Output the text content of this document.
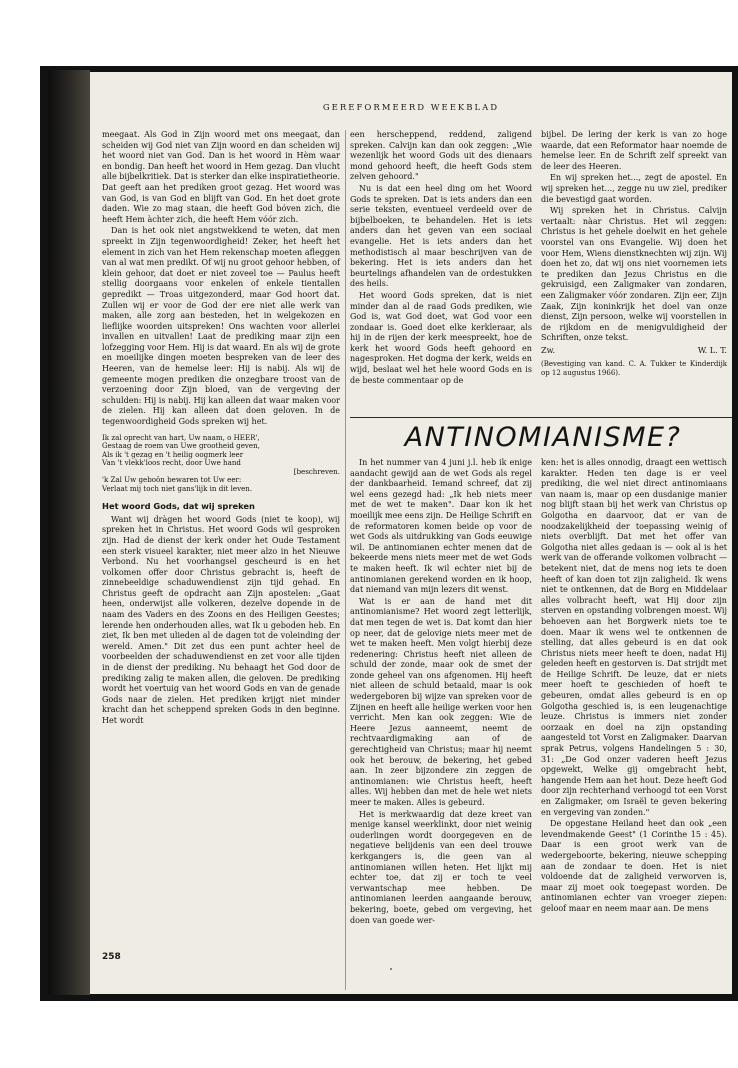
GEREFORMEERD WEEKBLAD

meegaat. Als God in Zijn woord met ons meegaat, dan scheiden wij God niet van Zijn woord en dan scheiden wij het woord niet van God. Dan is het woord in Hèm waar en bondig. Dan heeft het woord in Hem gezag. Dan vlucht alle bijbelkritiek. Dat is sterker dan elke inspiratietheorie. Dat geeft aan het prediken groot gezag. Het woord was van God, is van God en blijft van God. En het doet grote daden. Wie zo mag staan, die heeft God bóven zich, die heeft Hem àchter zich, die heeft Hem vóór zich.

Dan is het ook niet angstwekkend te weten, dat men spreekt in Zijn tegenwoordigheid! Zeker, het heeft het element in zich van het Hem rekenschap moeten afleggen van al wat men predikt. Of wij nu groot gehoor hebben, of klein gehoor, dat doet er niet zoveel toe — Paulus heeft stellig doorgaans voor enkelen of enkele tientallen gepredikt — Troas uitgezonderd, maar God hoort dat. Zullen wij er voor de God der ere niet alle werk van maken, alle zorg aan besteden, het in welgekozen en lieflijke woorden uitspreken! Ons wachten voor allerlei invallen en uitvallen! Laat de prediking maar zijn een lofzegging voor Hem. Hij is dat waard. En als wij de grote en moeilijke dingen moeten bespreken van de leer des Heeren, van de hemelse leer: Hij is nabij. Als wij de gemeente mogen prediken die onzegbare troost van de verzoening door Zijn bloed, van de vergeving der schulden: Hij is nabij. Hij kan alleen dat waar maken voor de zielen. Hij kan alleen dat doen geloven. In de tegenwoordigheid Gods spreken wij het.

Ik zal oprecht van hart, Uw naam, o HEER',
Gestaag de roem van Uwe grootheid geven,
Als ik 't gezag en 't heilig oogmerk leer
Van 't vlekk'loos recht, door Uwe hand
[beschreven.
'k Zal Uw geboôn bewaren tot Uw eer:
Verlaat mij toch niet gans'lijk in dit leven.
Het woord Gods, dat wij spreken

Want wij dràgen het woord Gods (niet te koop), wij spreken het in Christus. Het woord Gods wil gesproken zijn. Had de dienst der kerk onder het Oude Testament een sterk visueel karakter, niet meer alzo in het Nieuwe Verbond. Nu het voorhangsel gescheurd is en het volkomen offer door Christus gebracht is, heeft de zinnebeeldige schaduwendienst zijn tijd gehad. En Christus geeft de opdracht aan Zijn apostelen: „Gaat heen, onderwijst alle volkeren, dezelve dopende in de naam des Vaders en des Zoons en des Heiligen Geestes; lerende hen onderhouden alles, wat Ik u geboden heb. En ziet, Ik ben met ulieden al de dagen tot de voleinding der wereld. Amen." Dit zet dus een punt achter heel de voorbeelden der schaduwendienst en zet voor alle tijden in de dienst der prediking. Nu behaagt het God door de prediking zalig te maken allen, die geloven. De prediking wordt het voertuig van het woord Gods en van de genade Gods naar de zielen. Het prediken krijgt niet minder kracht dan het scheppend spreken Gods in den beginne. Het wordt

een herscheppend, reddend, zaligend spreken. Calvijn kan dan ook zeggen: „Wie wezenlijk het woord Gods uit des dienaars mond gehoord heeft, die heeft Gods stem zelven gehoord."

Nu is dat een heel ding om het Woord Gods te spreken. Dat is iets anders dan een serie teksten, eventueel verdeeld over de bijbelboeken, te behandelen. Het is iets anders dan het geven van een sociaal evangelie. Het is iets anders dan het methodistisch al maar beschrijven van de bekering. Het is iets anders dan het beurtelings afhandelen van de ordestukken des heils.

Het woord Gods spreken, dat is niet minder dan al de raad Gods prediken, wie God is, wat God doet, wat God voor een zondaar is. Goed doet elke kerkleraar, als hij in de rijen der kerk meespreekt, hoe de kerk het woord Gods heeft gehoord en nagesproken. Het dogma der kerk, weids en wijd, beslaat wel het hele woord Gods en is de beste commentaar op de

bijbel. De lering der kerk is van zo hoge waarde, dat een Reformator haar noemde de hemelse leer. En de Schrift zelf spreekt van de leer des Heeren.

En wij spreken het..., zegt de apostel. En wij spreken het..., zegge nu uw ziel, prediker die bevestigd gaat worden.

Wij spreken het in Christus. Calvijn vertaalt: nàar Christus. Het wil zeggen: Christus is het gehele doelwit en het gehele voorstel van ons Evangelie. Wij doen het voor Hem, Wiens dienstknechten wij zijn. Wij doen het zo, dat wij ons niet voornemen iets te prediken dan Jezus Christus en die gekruisigd, een Zaligmaker van zondaren, een Zaligmaker vóór zondaren. Zijn eer, Zijn Zaak, Zijn koninkrijk het doel van onze dienst, Zijn persoon, welke wij voorstellen in de rijkdom en de menigvuldigheid der Schriften, onze tekst.

Zw.	W. L. T.
(Bevestiging van kand. C. A. Tukker te Kinderdijk op 12 augustus 1966).
ANTINOMIANISME?

In het nummer van 4 juni j.l. heb ik enige aandacht gewijd aan de wet Gods als regel der dankbaarheid. Iemand schreef, dat zij wel eens gezegd had: „Ik heb niets meer met de wet te maken". Daar kon ik het moeilijk mee eens zijn. De Heilige Schrift en de reformatoren komen beide op voor de wet Gods als uitdrukking van Gods eeuwige wil. De antinomianen echter menen dat de bekeerde mens niets meer met de wet Gods te maken heeft. Ik wil echter niet bij de antinomianen gerekend worden en ik hoop, dat niemand van mijn lezers dit wenst.

Wat is er aan de hand met dit antinomianisme? Het woord zegt letterlijk, dat men tegen de wet is. Dat komt dan hier op neer, dat de gelovige niets meer met de wet te maken heeft. Men volgt hierbij deze redenering: Christus heeft niet alleen de schuld der zonde, maar ook de smet der zonde geheel van ons afgenomen. Hij heeft niet alleen de schuld betaald, maar is ook wedergeboren bij wijze van spreken voor de Zijnen en heeft alle heilige werken voor hen verricht. Men kan ook zeggen: Wie de Heere Jezus aanneemt, neemt de rechtvaardigmaking aan of de gerechtigheid van Christus; maar hij neemt ook het berouw, de bekering, het gebed aan. In zeer bijzondere zin zeggen de antinomianen: wie Christus heeft, heeft alles. Wij hebben dan met de hele wet niets meer te maken. Alles is gebeurd.

Het is merkwaardig dat deze kreet van menige kansel weerklinkt, door niet weinig ouderlingen wordt doorgegeven en de negatieve belijdenis van een deel trouwe kerkgangers is, die geen van al antinomianen willen heten. Het lijkt mij echter toe, dat zij er toch te veel verwantschap mee hebben. De antinomianen leerden aangaande berouw, bekering, boete, gebed om vergeving, het doen van goede wer-

ken: het is alles onnodig, draagt een wettisch karakter. Heden ten dage is er veel prediking, die wel niet direct antinomiaans van naam is, maar op een dusdanige manier nog blijft staan bij het werk van Christus op Golgotha en daarvoor, dat er van de noodzakelijkheid der toepassing weinig of niets overblijft. Dat met het offer van Golgotha niet alles gedaan is — ook al is het werk van de offerande volkomen volbracht — betekent niet, dat de mens nog iets te doen heeft of kan doen tot zijn zaligheid. Ik wens niet te ontkennen, dat de Borg en Middelaar alles volbracht heeft, wat Hij door zijn sterven en opstanding volbrengen moest. Wij behoeven aan het Borgwerk niets toe te doen. Maar ik wens wel te ontkennen de stelling, dat alles gebeurd is en dat ook Christus niets meer heeft te doen, nadat Hij geleden heeft en gestorven is. Dat strijdt met de Heilige Schrift. De leuze, dat er niets meer hoeft te geschieden of hoeft te gebeuren, omdat alles gebeurd is en op Golgotha geschied is, is een leugenachtige leuze. Christus is immers niet zonder oorzaak en doel na zijn opstanding aangesteld tot Vorst en Zaligmaker. Daarvan sprak Petrus, volgens Handelingen 5 : 30, 31: „De God onzer vaderen heeft Jezus opgewekt, Welke gij omgebracht hebt, hangende Hem aan het hout. Deze heeft God door zijn rechterhand verhoogd tot een Vorst en Zaligmaker, om Israël te geven bekering en vergeving van zonden."

De opgestane Heiland heet dan ook „een levendmakende Geest" (1 Corinthe 15 : 45). Daar is een groot werk van de wedergeboorte, bekering, nieuwe schepping aan de zondaar te doen. Het is niet voldoende dat de zaligheid verworven is, maar zij moet ook toegepast worden. De antinomianen echter van vroeger ziepen: geloof maar en neem maar aan. De mens

258
